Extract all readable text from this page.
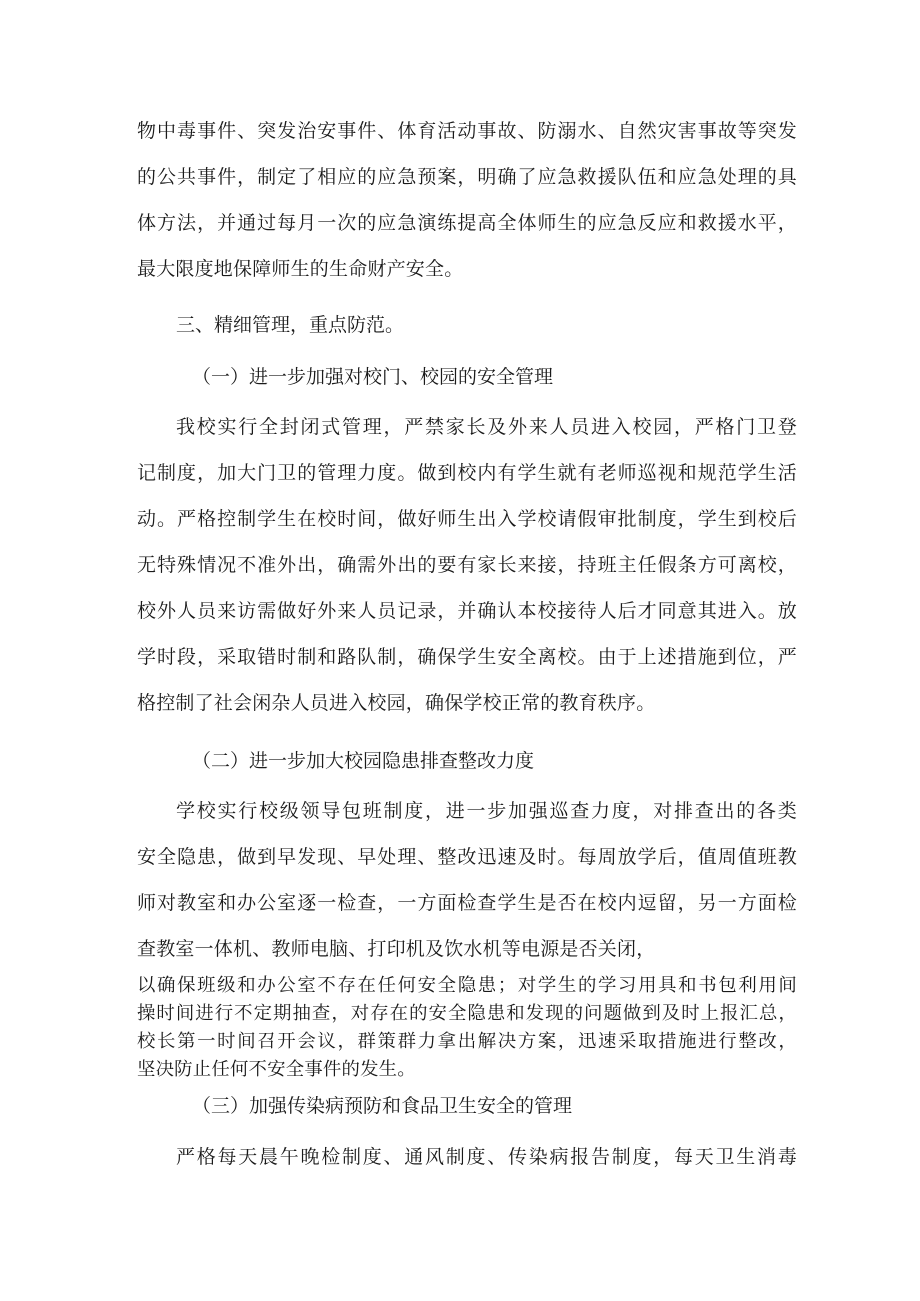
物中毒事件、突发治安事件、体育活动事故、防溺水、自然灾害事故等突发
的公共事件，制定了相应的应急预案，明确了应急救援队伍和应急处理的具
体方法，并通过每月一次的应急演练提高全体师生的应急反应和救援水平，
最大限度地保障师生的生命财产安全。

三、精细管理，重点防范。

（一）进一步加强对校门、校园的安全管理

我校实行全封闭式管理，严禁家长及外来人员进入校园，严格门卫登
记制度，加大门卫的管理力度。做到校内有学生就有老师巡视和规范学生活
动。严格控制学生在校时间，做好师生出入学校请假审批制度，学生到校后
无特殊情况不准外出，确需外出的要有家长来接，持班主任假条方可离校，
校外人员来访需做好外来人员记录，并确认本校接待人后才同意其进入。放
学时段，采取错时制和路队制，确保学生安全离校。由于上述措施到位，严
格控制了社会闲杂人员进入校园，确保学校正常的教育秩序。

（二）进一步加大校园隐患排查整改力度

学校实行校级领导包班制度，进一步加强巡查力度，对排查出的各类
安全隐患，做到早发现、早处理、整改迅速及时。每周放学后，值周值班教
师对教室和办公室逐一检查，一方面检查学生是否在校内逗留，另一方面检
查教室一体机、教师电脑、打印机及饮水机等电源是否关闭，
以确保班级和办公室不存在任何安全隐患；对学生的学习用具和书包利用间
操时间进行不定期抽查，对存在的安全隐患和发现的问题做到及时上报汇总，
校长第一时间召开会议，群策群力拿出解决方案，迅速采取措施进行整改，
坚决防止任何不安全事件的发生。

（三）加强传染病预防和食品卫生安全的管理

严格每天晨午晚检制度、通风制度、传染病报告制度，每天卫生消毒
